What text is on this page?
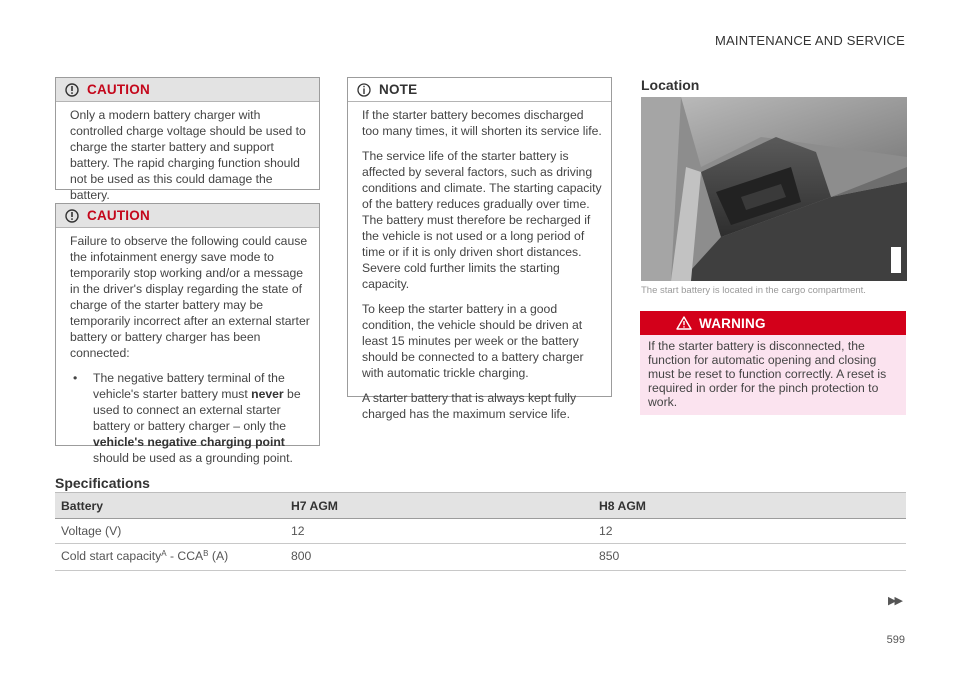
MAINTENANCE AND SERVICE
CAUTION

Only a modern battery charger with controlled charge voltage should be used to charge the starter battery and support battery. The rapid charging function should not be used as this could damage the battery.

CAUTION

Failure to observe the following could cause the infotainment energy save mode to temporarily stop working and/or a message in the driver's display regarding the state of charge of the starter battery may be temporarily incorrect after an external starter battery or battery charger has been connected:

•	The negative battery terminal of the vehicle's starter battery must never be used to connect an external starter battery or battery charger – only the vehicle's negative charging point should be used as a grounding point.
NOTE

If the starter battery becomes discharged too many times, it will shorten its service life.

The service life of the starter battery is affected by several factors, such as driving conditions and climate. The starting capacity of the battery reduces gradually over time. The battery must therefore be recharged if the vehicle is not used or a long period of time or if it is only driven short distances. Severe cold further limits the starting capacity.

To keep the starter battery in a good condition, the vehicle should be driven at least 15 minutes per week or the battery should be connected to a battery charger with automatic trickle charging.

A starter battery that is always kept fully charged has the maximum service life.

Location
The start battery is located in the cargo compartment.
WARNING
If the starter battery is disconnected, the function for automatic opening and closing must be reset to function correctly. A reset is required in order for the pinch protection to work.
Specifications
Battery	H7 AGM	H8 AGM
Voltage (V)	12	12
Cold start capacity$^A$ - $CCA^B$ (A)	800	850
▶▶
599
